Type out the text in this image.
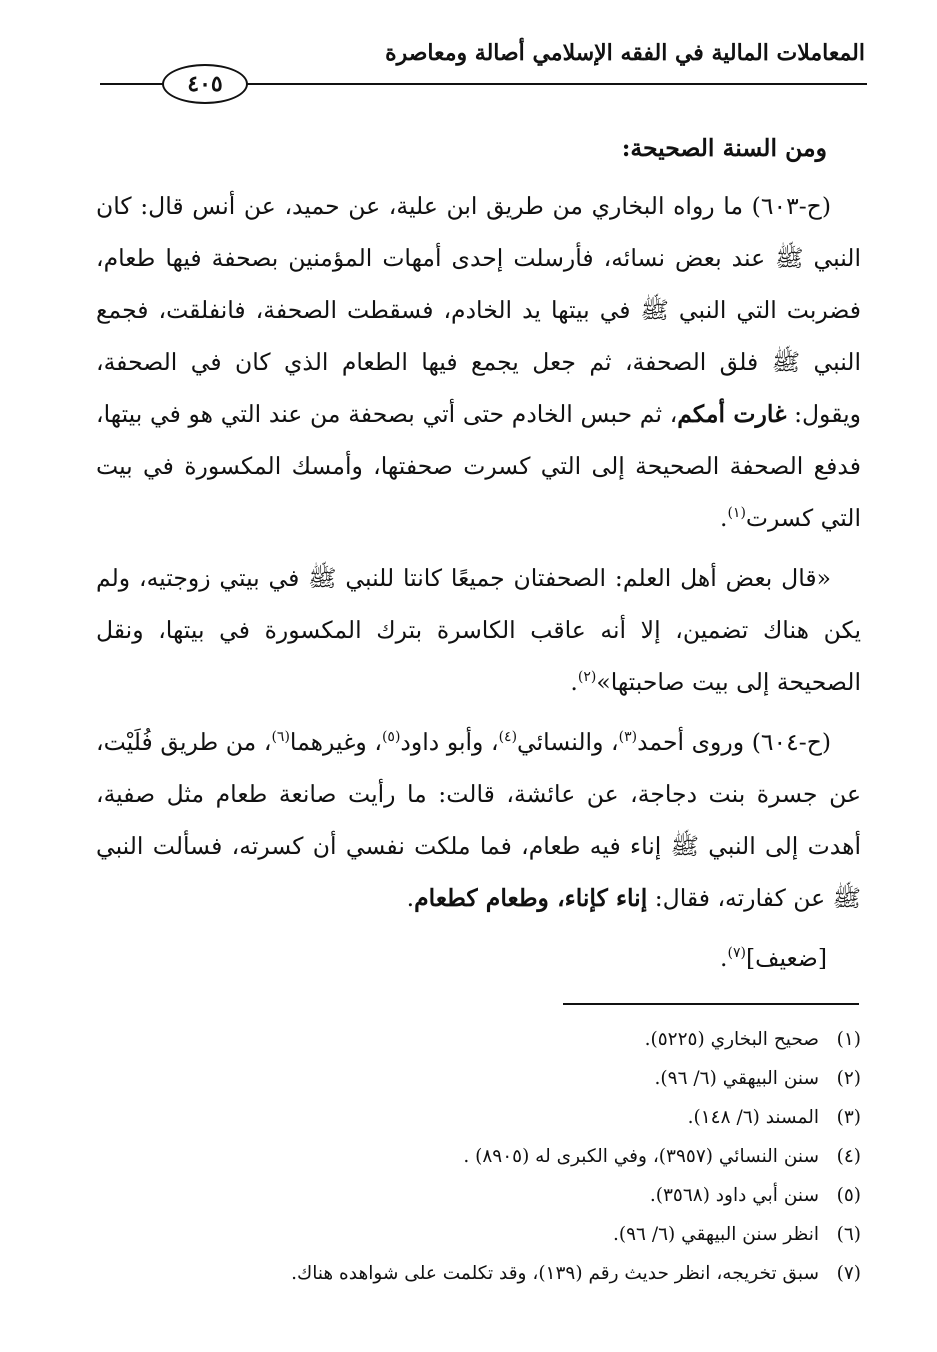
المعاملات المالية في الفقه الإسلامي أصالة ومعاصرة
٤٠٥
ومن السنة الصحيحة:

(ح-٦٠٣) ما رواه البخاري من طريق ابن علية، عن حميد، عن أنس قال: كان النبي ﷺ عند بعض نسائه، فأرسلت إحدى أمهات المؤمنين بصحفة فيها طعام، فضربت التي النبي ﷺ في بيتها يد الخادم، فسقطت الصحفة، فانفلقت، فجمع النبي ﷺ فلق الصحفة، ثم جعل يجمع فيها الطعام الذي كان في الصحفة، ويقول: غارت أمكم، ثم حبس الخادم حتى أتي بصحفة من عند التي هو في بيتها، فدفع الصحفة الصحيحة إلى التي كسرت صحفتها، وأمسك المكسورة في بيت التي كسرت$^{(١)}$.

«قال بعض أهل العلم: الصحفتان جميعًا كانتا للنبي ﷺ في بيتي زوجتيه، ولم يكن هناك تضمين، إلا أنه عاقب الكاسرة بترك المكسورة في بيتها، ونقل الصحيحة إلى بيت صاحبتها»$^{(٢)}$.

(ح-٦٠٤) وروى أحمد$^{(٣)}$، والنسائي$^{(٤)}$، وأبو داود$^{(٥)}$، وغيرهما$^{(٦)}$، من طريق فُلَيْت، عن جسرة بنت دجاجة، عن عائشة، قالت: ما رأيت صانعة طعام مثل صفية، أهدت إلى النبي ﷺ إناء فيه طعام، فما ملكت نفسي أن كسرته، فسألت النبي ﷺ عن كفارته، فقال: إناء كإناء، وطعام كطعام.

[ضعيف]$^{(٧)}$.

(١)صحيح البخاري (٥٢٢٥).
(٢)سنن البيهقي (٦/ ٩٦).
(٣)المسند (٦/ ١٤٨).
(٤)سنن النسائي (٣٩٥٧)، وفي الكبرى له (٨٩٠٥) .
(٥)سنن أبي داود (٣٥٦٨).
(٦)انظر سنن البيهقي (٦/ ٩٦).
(٧)سبق تخريجه، انظر حديث رقم (١٣٩)، وقد تكلمت على شواهده هناك.
